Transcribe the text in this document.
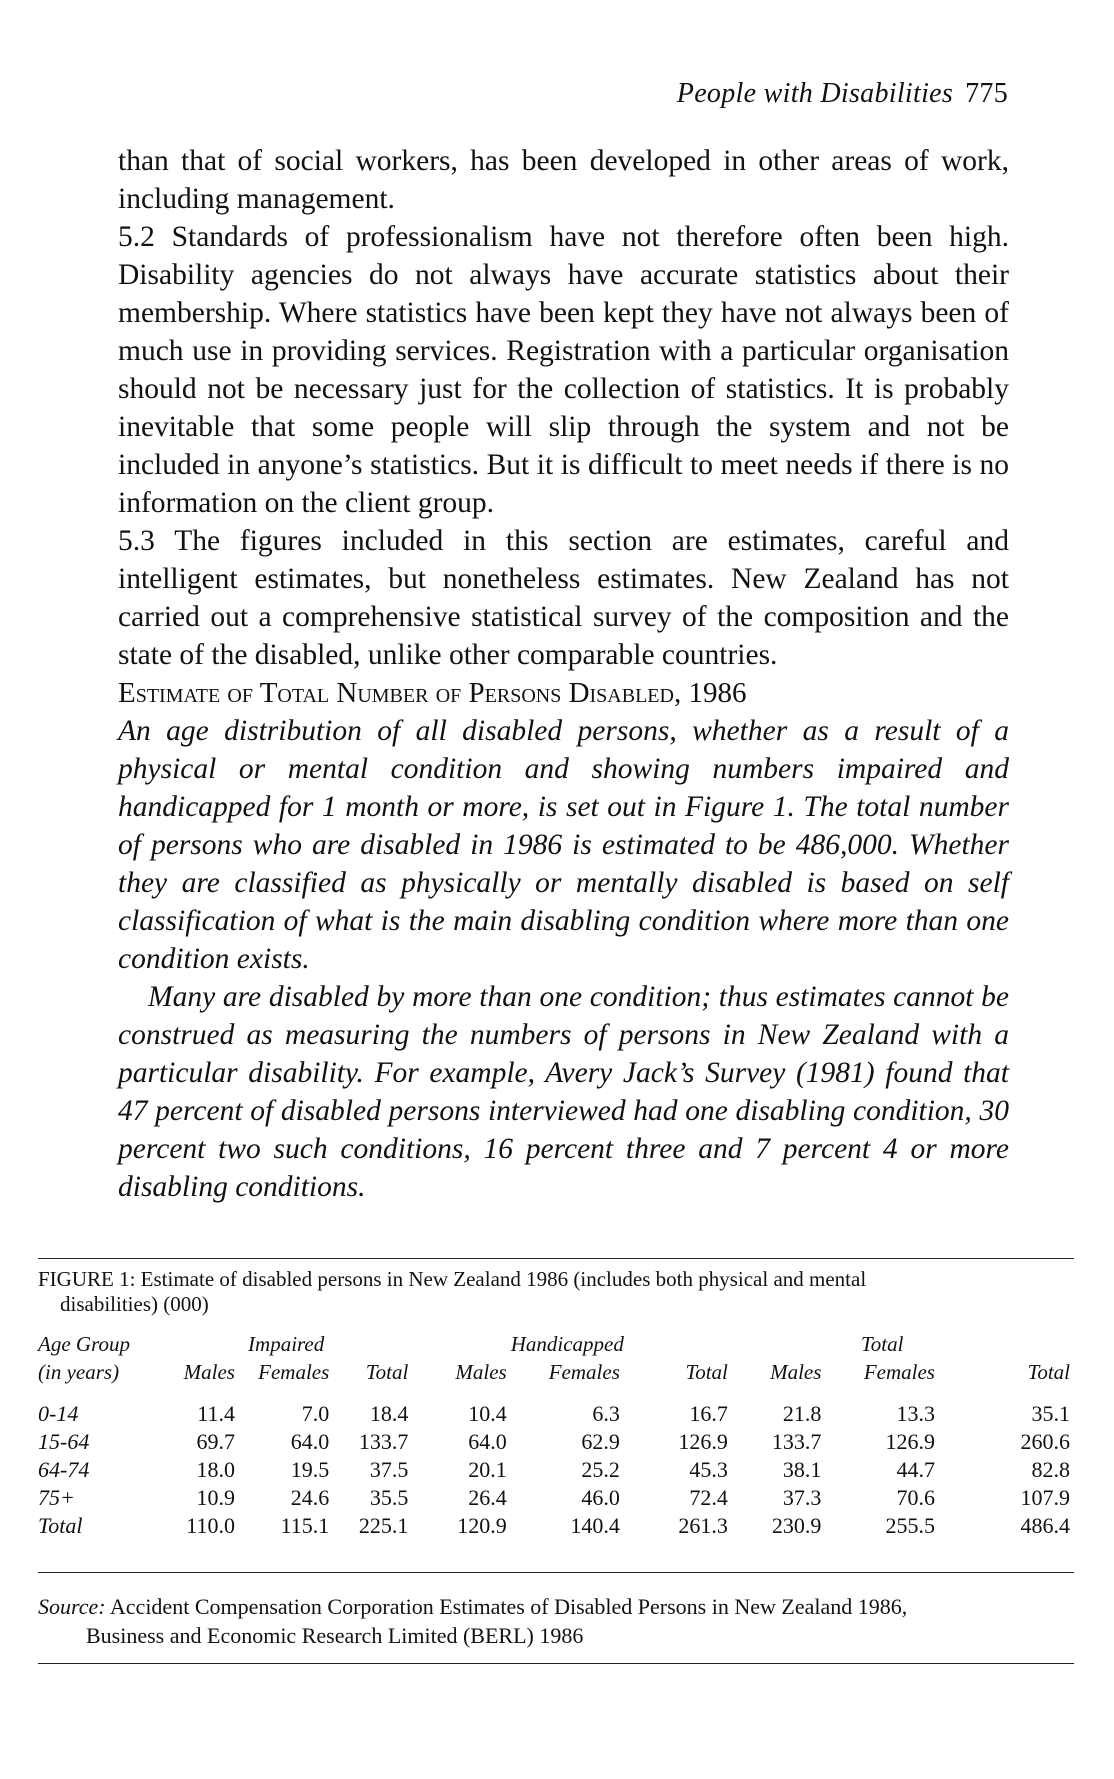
People with Disabilities 775

than that of social workers, has been developed in other areas of work, including management.

5.2 Standards of professionalism have not therefore often been high. Disability agencies do not always have accurate statistics about their membership. Where statistics have been kept they have not always been of much use in providing services. Registration with a particular organisation should not be necessary just for the collection of statistics. It is probably inevitable that some people will slip through the system and not be included in anyone’s statistics. But it is difficult to meet needs if there is no information on the client group.

5.3 The figures included in this section are estimates, careful and intelligent estimates, but nonetheless estimates. New Zealand has not carried out a comprehensive statistical survey of the composition and the state of the disabled, unlike other comparable countries.

Estimate of Total Number of Persons Disabled, 1986

An age distribution of all disabled persons, whether as a result of a physical or mental condition and showing numbers impaired and handicapped for 1 month or more, is set out in Figure 1. The total number of persons who are disabled in 1986 is estimated to be 486,000. Whether they are classified as physically or mentally disabled is based on self classification of what is the main disabling condition where more than one condition exists.

Many are disabled by more than one condition; thus estimates cannot be construed as measuring the numbers of persons in New Zealand with a particular disability. For example, Avery Jack’s Survey (1981) found that 47 percent of disabled persons interviewed had one disabling condition, 30 percent two such conditions, 16 percent three and 7 percent 4 or more disabling conditions.

FIGURE 1: Estimate of disabled persons in New Zealand 1986 (includes both physical and mental
disabilities) (000)
Age Group		Impaired			Handicapped			Total	
(in years)	Males	Females	Total	Males	Females	Total	Males	Females	Total

0-14	11.4	7.0	18.4	10.4	6.3	16.7	21.8	13.3	35.1
15-64	69.7	64.0	133.7	64.0	62.9	126.9	133.7	126.9	260.6
64-74	18.0	19.5	37.5	20.1	25.2	45.3	38.1	44.7	82.8
75+	10.9	24.6	35.5	26.4	46.0	72.4	37.3	70.6	107.9
Total	110.0	115.1	225.1	120.9	140.4	261.3	230.9	255.5	486.4
Source: Accident Compensation Corporation Estimates of Disabled Persons in New Zealand 1986,
Business and Economic Research Limited (BERL) 1986
